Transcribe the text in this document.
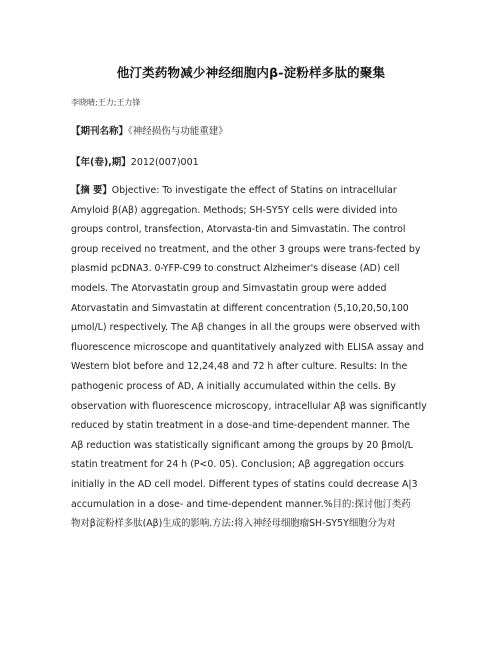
他汀类药物减少神经细胞内β-淀粉样多肽的聚集
李晓晴;王力;王力锋
【期刊名称】《神经损伤与功能重建》
【年(卷),期】2012(007)001
【摘 要】Objective: To investigate the effect of Statins on intracellular
Amyloid β(Aβ) aggregation. Methods; SH-SY5Y cells were divided into
groups control, transfection, Atorvasta-tin and Simvastatin. The control
group received no treatment, and the other 3 groups were trans-fected by
plasmid pcDNA3. 0-YFP-C99 to construct Alzheimer's disease (AD) cell
models. The Atorvastatin group and Simvastatin group were added
Atorvastatin and Simvastatin at different concentration (5,10,20,50,100
μmol/L) respectively. The Aβ changes in all the groups were observed with
fluorescence microscope and quantitatively analyzed with ELISA assay and
Western blot before and 12,24,48 and 72 h after culture. Results: In the
pathogenic process of AD, A initially accumulated within the cells. By
observation with fluorescence microscopy, intracellular Aβ was significantly
reduced by statin treatment in a dose-and time-dependent manner. The
Aβ reduction was statistically significant among the groups by 20 βmol/L
statin treatment for 24 h (P<0. 05). Conclusion; Aβ aggregation occurs
initially in the AD cell model. Different types of statins could decrease A|3
accumulation in a dose- and time-dependent manner.%目的:探讨他汀类药
物对β淀粉样多肽(Aβ)生成的影响.方法:将入神经母细胞瘤SH-SY5Y细胞分为对
